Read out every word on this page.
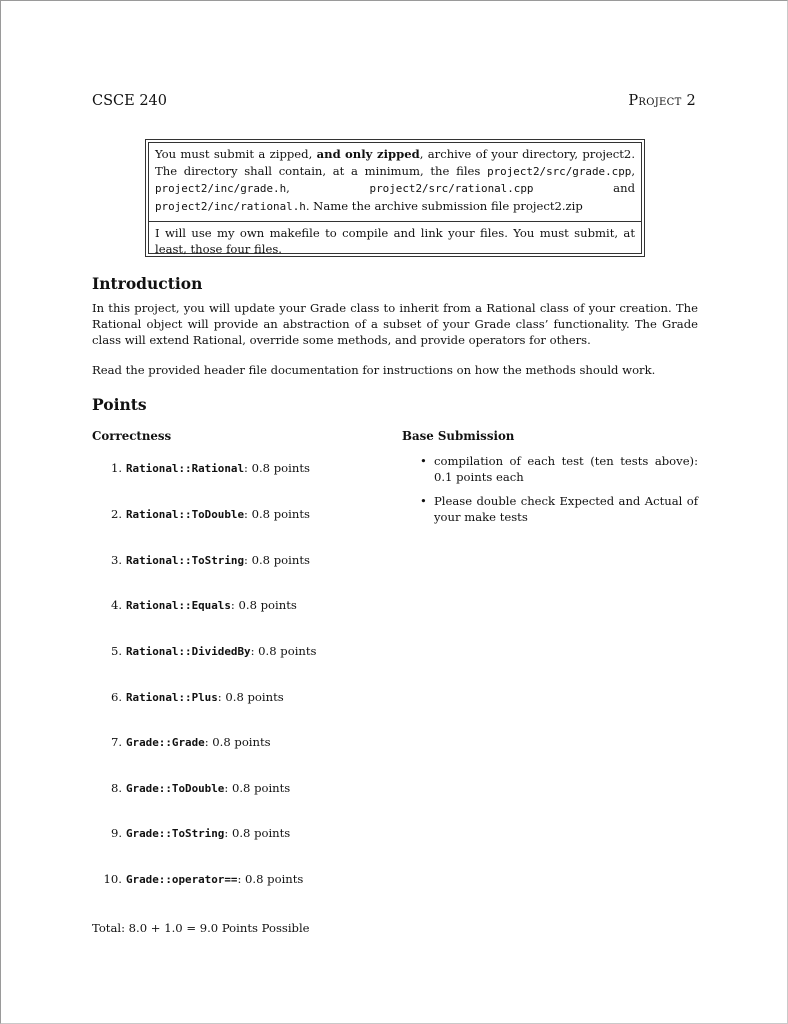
CSCE 240	Project 2
You must submit a zipped, and only zipped, archive of your directory, project2. The directory shall contain, at a minimum, the files project2/src/grade.cpp, project2/inc/grade.h, project2/src/rational.cpp and project2/inc/rational.h. Name the archive submission file project2.zip
I will use my own makefile to compile and link your files. You must submit, at least, those four files.
Introduction
In this project, you will update your Grade class to inherit from a Rational class of your creation. The Rational object will provide an abstraction of a subset of your Grade class’ functionality. The Grade class will extend Rational, override some methods, and provide operators for others.
Read the provided header file documentation for instructions on how the methods should work.
Points
Correctness	Base Submission
1. Rational::Rational: 0.8 points
2. Rational::ToDouble: 0.8 points
3. Rational::ToString: 0.8 points
4. Rational::Equals: 0.8 points
5. Rational::DividedBy: 0.8 points
6. Rational::Plus: 0.8 points
7. Grade::Grade: 0.8 points
8. Grade::ToDouble: 0.8 points
9. Grade::ToString: 0.8 points
10. Grade::operator==: 0.8 points
• compilation of each test (ten tests above): 0.1 points each
• Please double check Expected and Actual of your make tests
Total: 8.0 + 1.0 = 9.0 Points Possible
